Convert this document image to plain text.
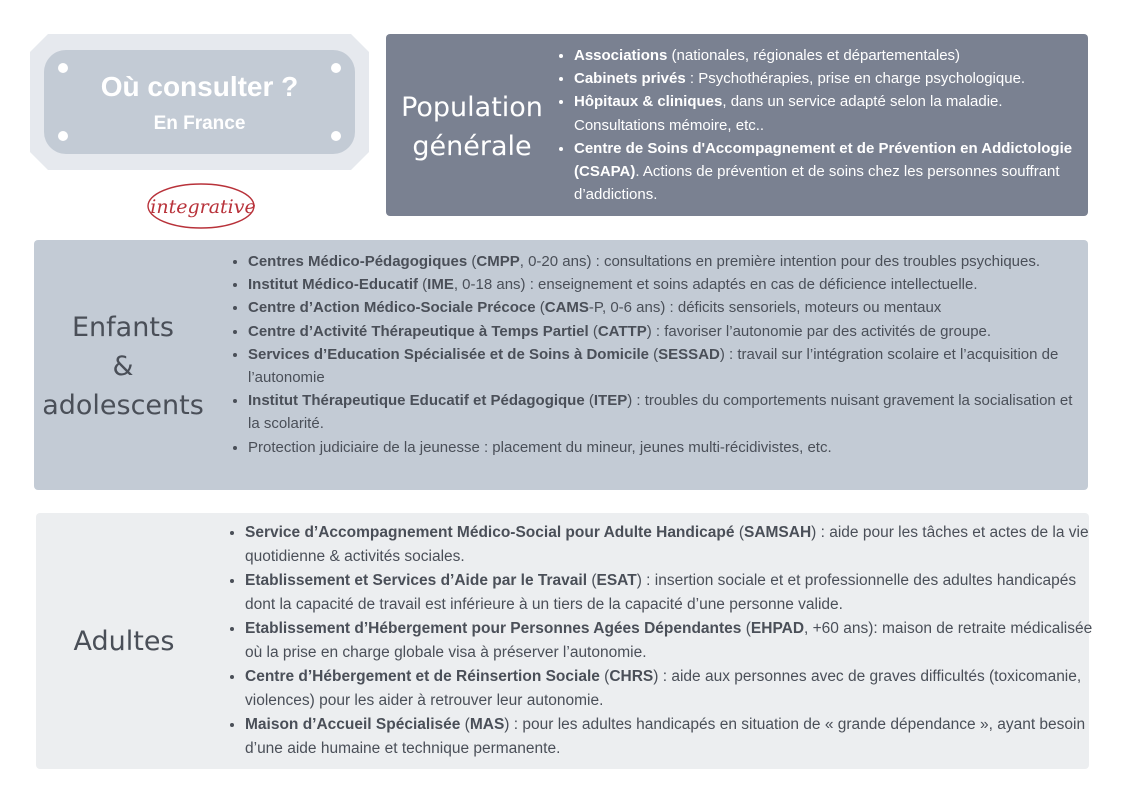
Où consulter ?
En France
integrative
Population
générale
• Associations (nationales, régionales et départementales)
• Cabinets privés : Psychothérapies, prise en charge psychologique.
• Hôpitaux & cliniques, dans un service adapté selon la maladie. Consultations mémoire, etc..
• Centre de Soins d'Accompagnement et de Prévention en Addictologie (CSAPA). Actions de prévention et de soins chez les personnes souffrant d’addictions.
Enfants
&
adolescents
• Centres Médico-Pédagogiques (CMPP, 0-20 ans) : consultations en première intention pour des troubles psychiques.
• Institut Médico-Educatif (IME, 0-18 ans) : enseignement et soins adaptés en cas de déficience intellectuelle.
• Centre d’Action Médico-Sociale Précoce (CAMS-P, 0-6 ans) : déficits sensoriels, moteurs ou mentaux
• Centre d’Activité Thérapeutique à Temps Partiel (CATTP) : favoriser l’autonomie par des activités de groupe.
• Services d’Education Spécialisée et de Soins à Domicile (SESSAD) : travail sur l’intégration scolaire et l’acquisition de l’autonomie
• Institut Thérapeutique Educatif et Pédagogique (ITEP) : troubles du comportements nuisant gravement la socialisation et la scolarité.
• Protection judiciaire de la jeunesse : placement du mineur, jeunes multi-récidivistes, etc.
Adultes
• Service d’Accompagnement Médico-Social pour Adulte Handicapé (SAMSAH) : aide pour les tâches et actes de la vie quotidienne & activités sociales.
• Etablissement et Services d’Aide par le Travail (ESAT) : insertion sociale et et professionnelle des adultes handicapés dont la capacité de travail est inférieure à un tiers de la capacité d’une personne valide.
• Etablissement d’Hébergement pour Personnes Agées Dépendantes (EHPAD, +60 ans): maison de retraite médicalisée où la prise en charge globale visa à préserver l’autonomie.
• Centre d’Hébergement et de Réinsertion Sociale (CHRS) : aide aux personnes avec de graves difficultés (toxicomanie, violences) pour les aider à retrouver leur autonomie.
• Maison d’Accueil Spécialisée (MAS) : pour les adultes handicapés en situation de « grande dépendance », ayant besoin d’une aide humaine et technique permanente.
